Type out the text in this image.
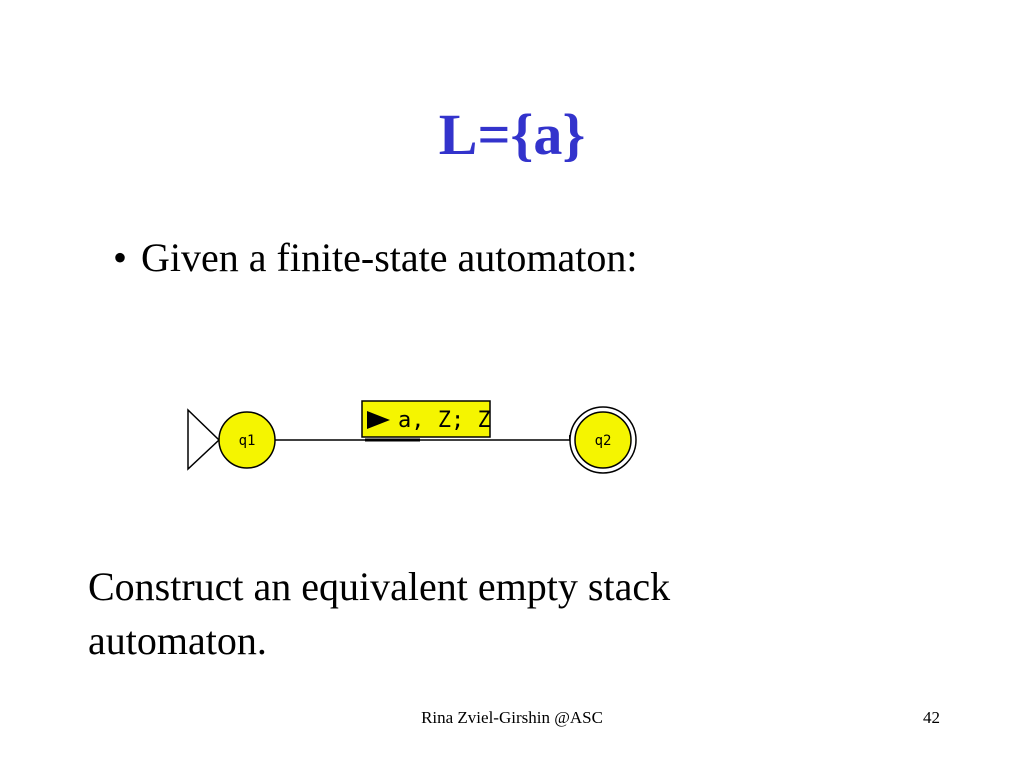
L={a}
• Given a finite-state automaton:
a, Z; Z
q1	q2
Construct an equivalent empty stack automaton.
Rina Zviel-Girshin @ASC	42
